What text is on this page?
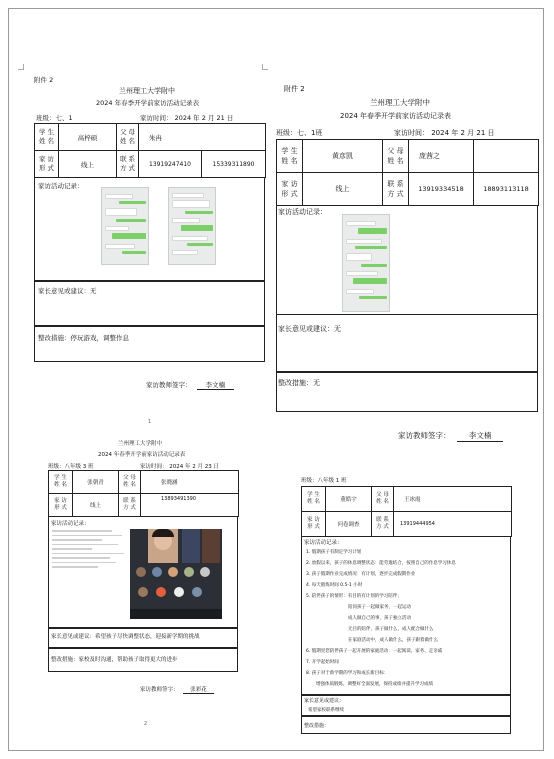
附件 2
兰州理工大学附中
2024 年春季开学前家访活动记录表
班级：七、1	家访时间： 2024 年 2 月 21 日
学 生 姓 名	高梓硕	父 母 姓 名	朱冉	
家 访 形 式	线上	联 系 方 式	13919247410	15339311890
家访活动记录：
家长意见或建议：无
整改措施：停玩游戏，调整作息
家访教师签字： 李文楠
1
附件 2
兰州理工大学附中
2024 年春季开学前家访活动记录表
班级：七、1班	家访时间： 2024 年 2 月 21 日
学 生 姓 名	黄彦凯	父 母 姓 名	庞茜之	
家 访 形 式	线上	联 系 方 式	13919334518	18893113118
家访活动记录：
家长意见或建议：无
整改措施：无
家访教师签字： 李文楠
兰州理工大学附中
2024 年春季开学前家访活动记录表
班级：八年级 3 班	家访时间： 2024 年 2 月 23 日
学 生 姓 名	张朝青	父 母 姓 名	张晓涵
家 访 形 式	线上	联 系 方 式	13893491390
家访活动记录：
家长意见或建议：希望孩子尽快调整状态，迎接新学期的挑战
整改措施：家校及时沟通，帮助孩子取得更大的进步
家访教师签字： 张彩花
2
班级：八年级 1 班
学 生 姓 名	董皓宇	父 母 姓 名	王冰霞
家 访 形 式	问卷调查	联 系 方 式	13919444954
家访活动记录：
1. 假期孩子有制定学习计划
2. 放假以来，孩子的休息调整状态：能劳逸结合，按照自己的作息学习休息
3. 孩子假期作业完成情况：有计划，逐步完成假期作业
4. 每天锻炼时间 0.5-1 小时
5. 陪伴孩子的情形：有目的有计划的学习陪伴；
陪同孩子一起做家务，一起运动
成人做自己的事，孩子独立活动
无目的陪伴，孩子做什么，成人配合做什么
在家庭活动中，成人做什么，孩子跟着做什么
6. 假期里您陪伴孩子一起开展的家庭活动：一起阅读、家务、走亲戚
7. 开学起始时间
8. 孩子对于新学期的学习和成长新目标：
增强体质锻炼，调整好全面发展，保持成绩并提升学习成绩
家长意见或建议：
希望家校联系继续
整改措施：
